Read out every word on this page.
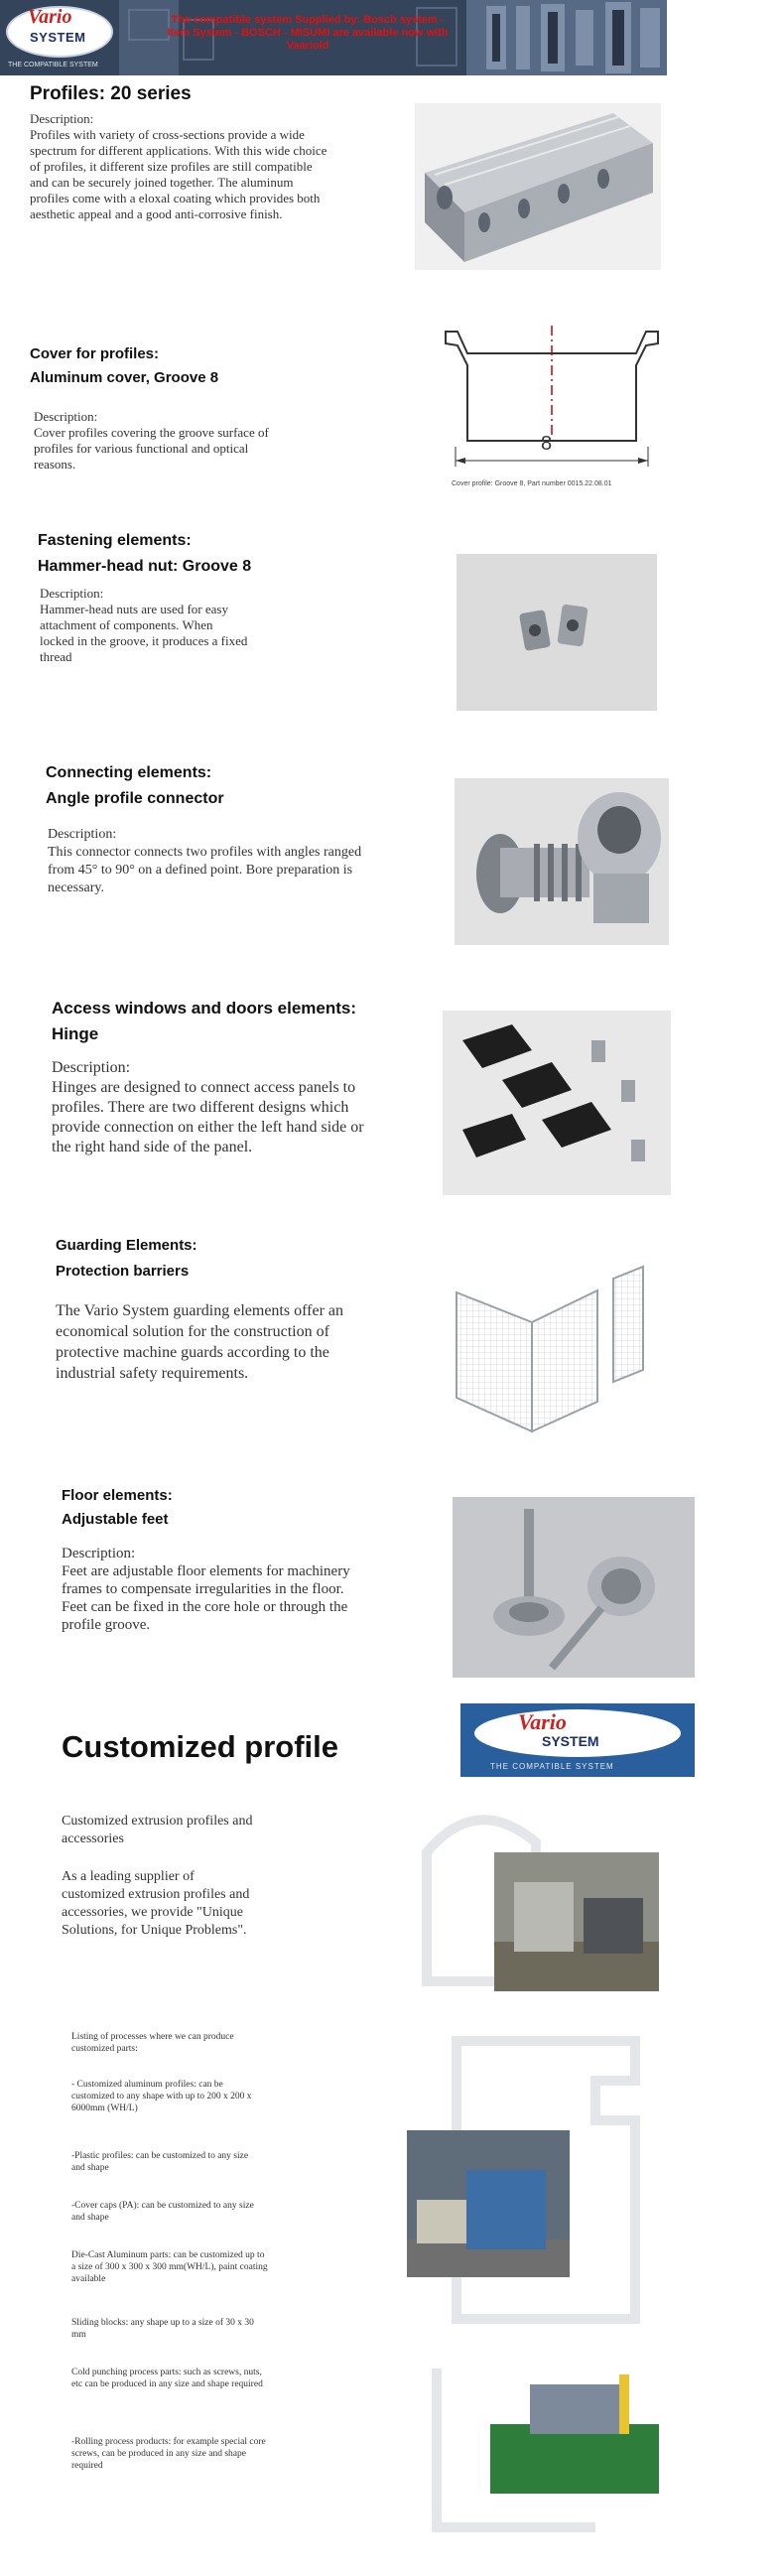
Vario
SYSTEM
THE COMPATIBLE SYSTEM
The compatible system Supplied by: Bosch system - Item System - BOSCH - MISUMI are available now with Vaariold
Profiles: 20 series
Description:
Profiles with variety of cross-sections provide a wide spectrum for different applications. With this wide choice of profiles, it different size profiles are still compatible and can be securely joined together. The aluminum profiles come with a eloxal coating which provides both aesthetic appeal and a good anti-corrosive finish.
Cover for profiles:
Aluminum cover, Groove 8
Description:
Cover profiles covering the groove surface of profiles for various functional and optical reasons.
8
Cover profile: Groove 8, Part number 0015.22.08.01
Fastening elements:
Hammer-head nut: Groove 8
Description:
Hammer-head nuts are used for easy attachment of components. When locked in the groove, it produces a fixed thread
Connecting elements:
Angle profile connector
Description:
This connector connects two profiles with angles ranged from 45° to 90° on a defined point. Bore preparation is necessary.
Access windows and doors elements:
Hinge
Description:
Hinges are designed to connect access panels to profiles. There are two different designs which provide connection on either the left hand side or the right hand side of the panel.
Guarding Elements:
Protection barriers
The Vario System guarding elements offer an economical solution for the construction of protective machine guards according to the industrial safety requirements.
Floor elements:
Adjustable feet
Description:
Feet are adjustable floor elements for machinery frames to compensate irregularities in the floor. Feet can be fixed in the core hole or through the profile groove.
Customized profile
Vario
SYSTEM
THE COMPATIBLE SYSTEM
Customized extrusion profiles and accessories
As a leading supplier of customized extrusion profiles and accessories, we provide "Unique Solutions, for Unique Problems".
Listing of processes where we can produce customized parts:
- Customized aluminum profiles: can be customized to any shape with up to 200 x 200 x 6000mm (WH/L)
-Plastic profiles: can be customized to any size and shape
-Cover caps (PA): can be customized to any size and shape
Die-Cast Aluminum parts: can be customized up to a size of 300 x 300 x 300 mm(WH/L), paint coating available
Sliding blocks: any shape up to a size of 30 x 30 mm
Cold punching process parts: such as screws, nuts, etc can be produced in any size and shape required
-Rolling process products: for example special core screws, can be produced in any size and shape required
